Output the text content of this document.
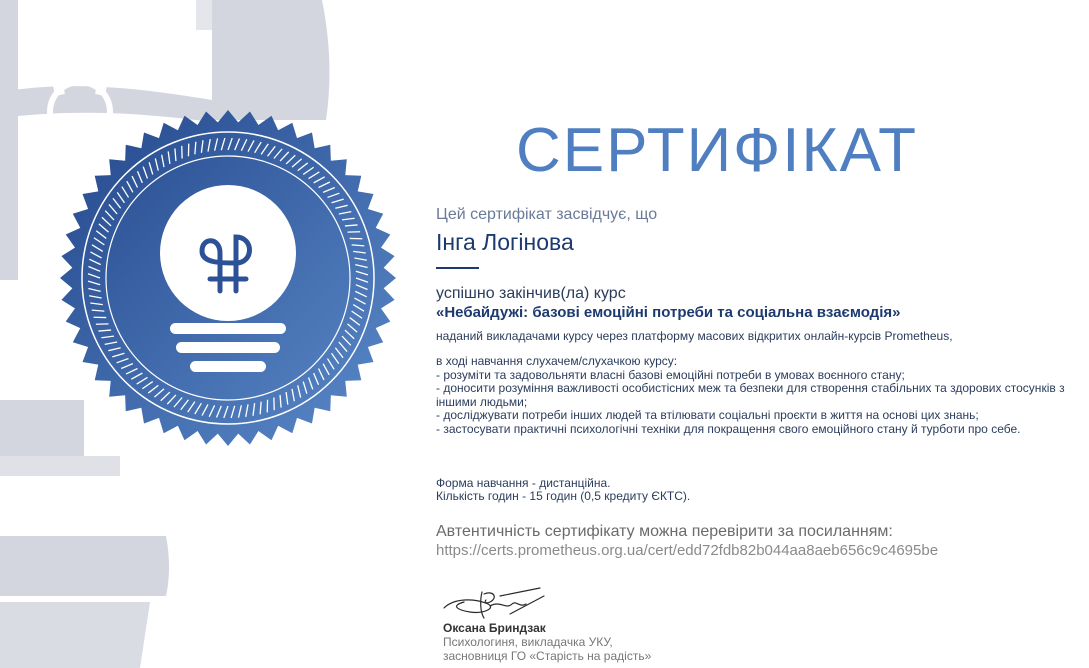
СЕРТИФІКАТ
Цей сертифікат засвідчує, що
Інга Логінова
успішно закінчив(ла) курс
«Небайдужі: базові емоційні потреби та соціальна взаємодія»
наданий викладачами курсу через платформу масових відкритих онлайн-курсів Prometheus,
в ході навчання слухачем/слухачкою курсу:
- розуміти та задовольняти власні базові емоційні потреби в умовах воєнного стану;
- доносити розуміння важливості особистісних меж та безпеки для створення стабільних та здорових стосунків з іншими людьми;
- досліджувати потреби інших людей та втілювати соціальні проєкти в життя на основі цих знань;
- застосувати практичні психологічні техніки для покращення свого емоційного стану й турботи про себе.
Форма навчання - дистанційна.
Кількість годин - 15 годин (0,5 кредиту ЄКТС).
Автентичність сертифікату можна перевірити за посиланням:
https://certs.prometheus.org.ua/cert/edd72fdb82b044aa8aeb656c9c4695be
Оксана Бриндзак
Психологиня, викладачка УКУ,
засновниця ГО «Старість на радість»
